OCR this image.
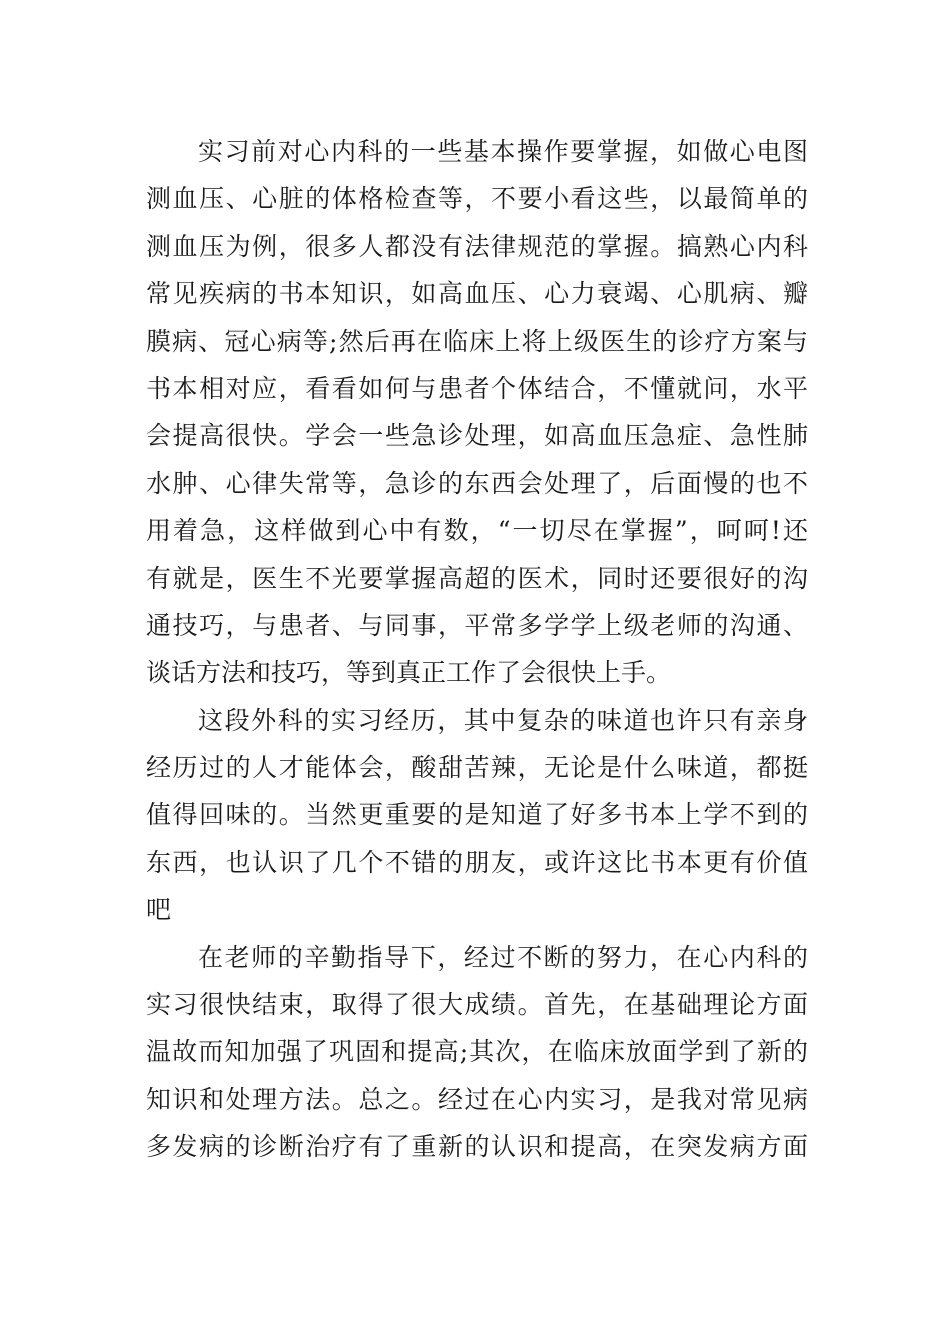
实习前对心内科的一些基本操作要掌握，如做心电图
测血压、心脏的体格检查等，不要小看这些，以最简单的
测血压为例，很多人都没有法律规范的掌握。搞熟心内科
常见疾病的书本知识，如高血压、心力衰竭、心肌病、瓣
膜病、冠心病等;然后再在临床上将上级医生的诊疗方案与
书本相对应，看看如何与患者个体结合，不懂就问，水平
会提高很快。学会一些急诊处理，如高血压急症、急性肺
水肿、心律失常等，急诊的东西会处理了，后面慢的也不
用着急，这样做到心中有数，“一切尽在掌握”，呵呵!还
有就是，医生不光要掌握高超的医术，同时还要很好的沟
通技巧，与患者、与同事，平常多学学上级老师的沟通、
谈话方法和技巧，等到真正工作了会很快上手。
这段外科的实习经历，其中复杂的味道也许只有亲身
经历过的人才能体会，酸甜苦辣，无论是什么味道，都挺
值得回味的。当然更重要的是知道了好多书本上学不到的
东西，也认识了几个不错的朋友，或许这比书本更有价值
吧
在老师的辛勤指导下，经过不断的努力，在心内科的
实习很快结束，取得了很大成绩。首先，在基础理论方面
温故而知加强了巩固和提高;其次，在临床放面学到了新的
知识和处理方法。总之。经过在心内实习，是我对常见病
多发病的诊断治疗有了重新的认识和提高，在突发病方面
